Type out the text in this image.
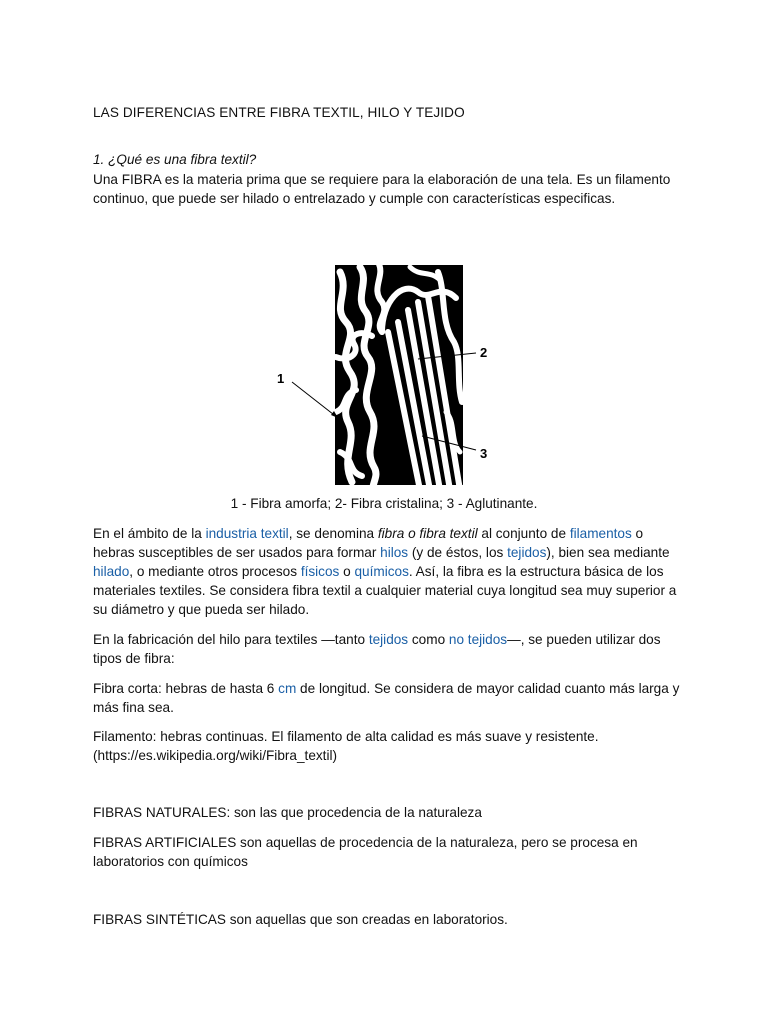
LAS DIFERENCIAS ENTRE FIBRA TEXTIL, HILO Y TEJIDO

1. ¿Qué es una fibra textil?

Una FIBRA es la materia prima que se requiere para la elaboración de una tela. Es un filamento continuo, que puede ser hilado o entrelazado y cumple con características especificas.

1
2
3

1 - Fibra amorfa; 2- Fibra cristalina; 3 - Aglutinante.

En el ámbito de la industria textil, se denomina fibra o fibra textil al conjunto de filamentos o hebras susceptibles de ser usados para formar hilos (y de éstos, los tejidos), bien sea mediante hilado, o mediante otros procesos físicos o químicos. Así, la fibra es la estructura básica de los materiales textiles. Se considera fibra textil a cualquier material cuya longitud sea muy superior a su diámetro y que pueda ser hilado.

En la fabricación del hilo para textiles —tanto tejidos como no tejidos—, se pueden utilizar dos tipos de fibra:

Fibra corta: hebras de hasta 6 cm de longitud. Se considera de mayor calidad cuanto más larga y más fina sea.

Filamento: hebras continuas. El filamento de alta calidad es más suave y resistente. (https://es.wikipedia.org/wiki/Fibra_textil)

FIBRAS NATURALES: son las que procedencia de la naturaleza

FIBRAS ARTIFICIALES son aquellas de procedencia de la naturaleza, pero se procesa en laboratorios con químicos

FIBRAS SINTÉTICAS son aquellas que son creadas en laboratorios.
